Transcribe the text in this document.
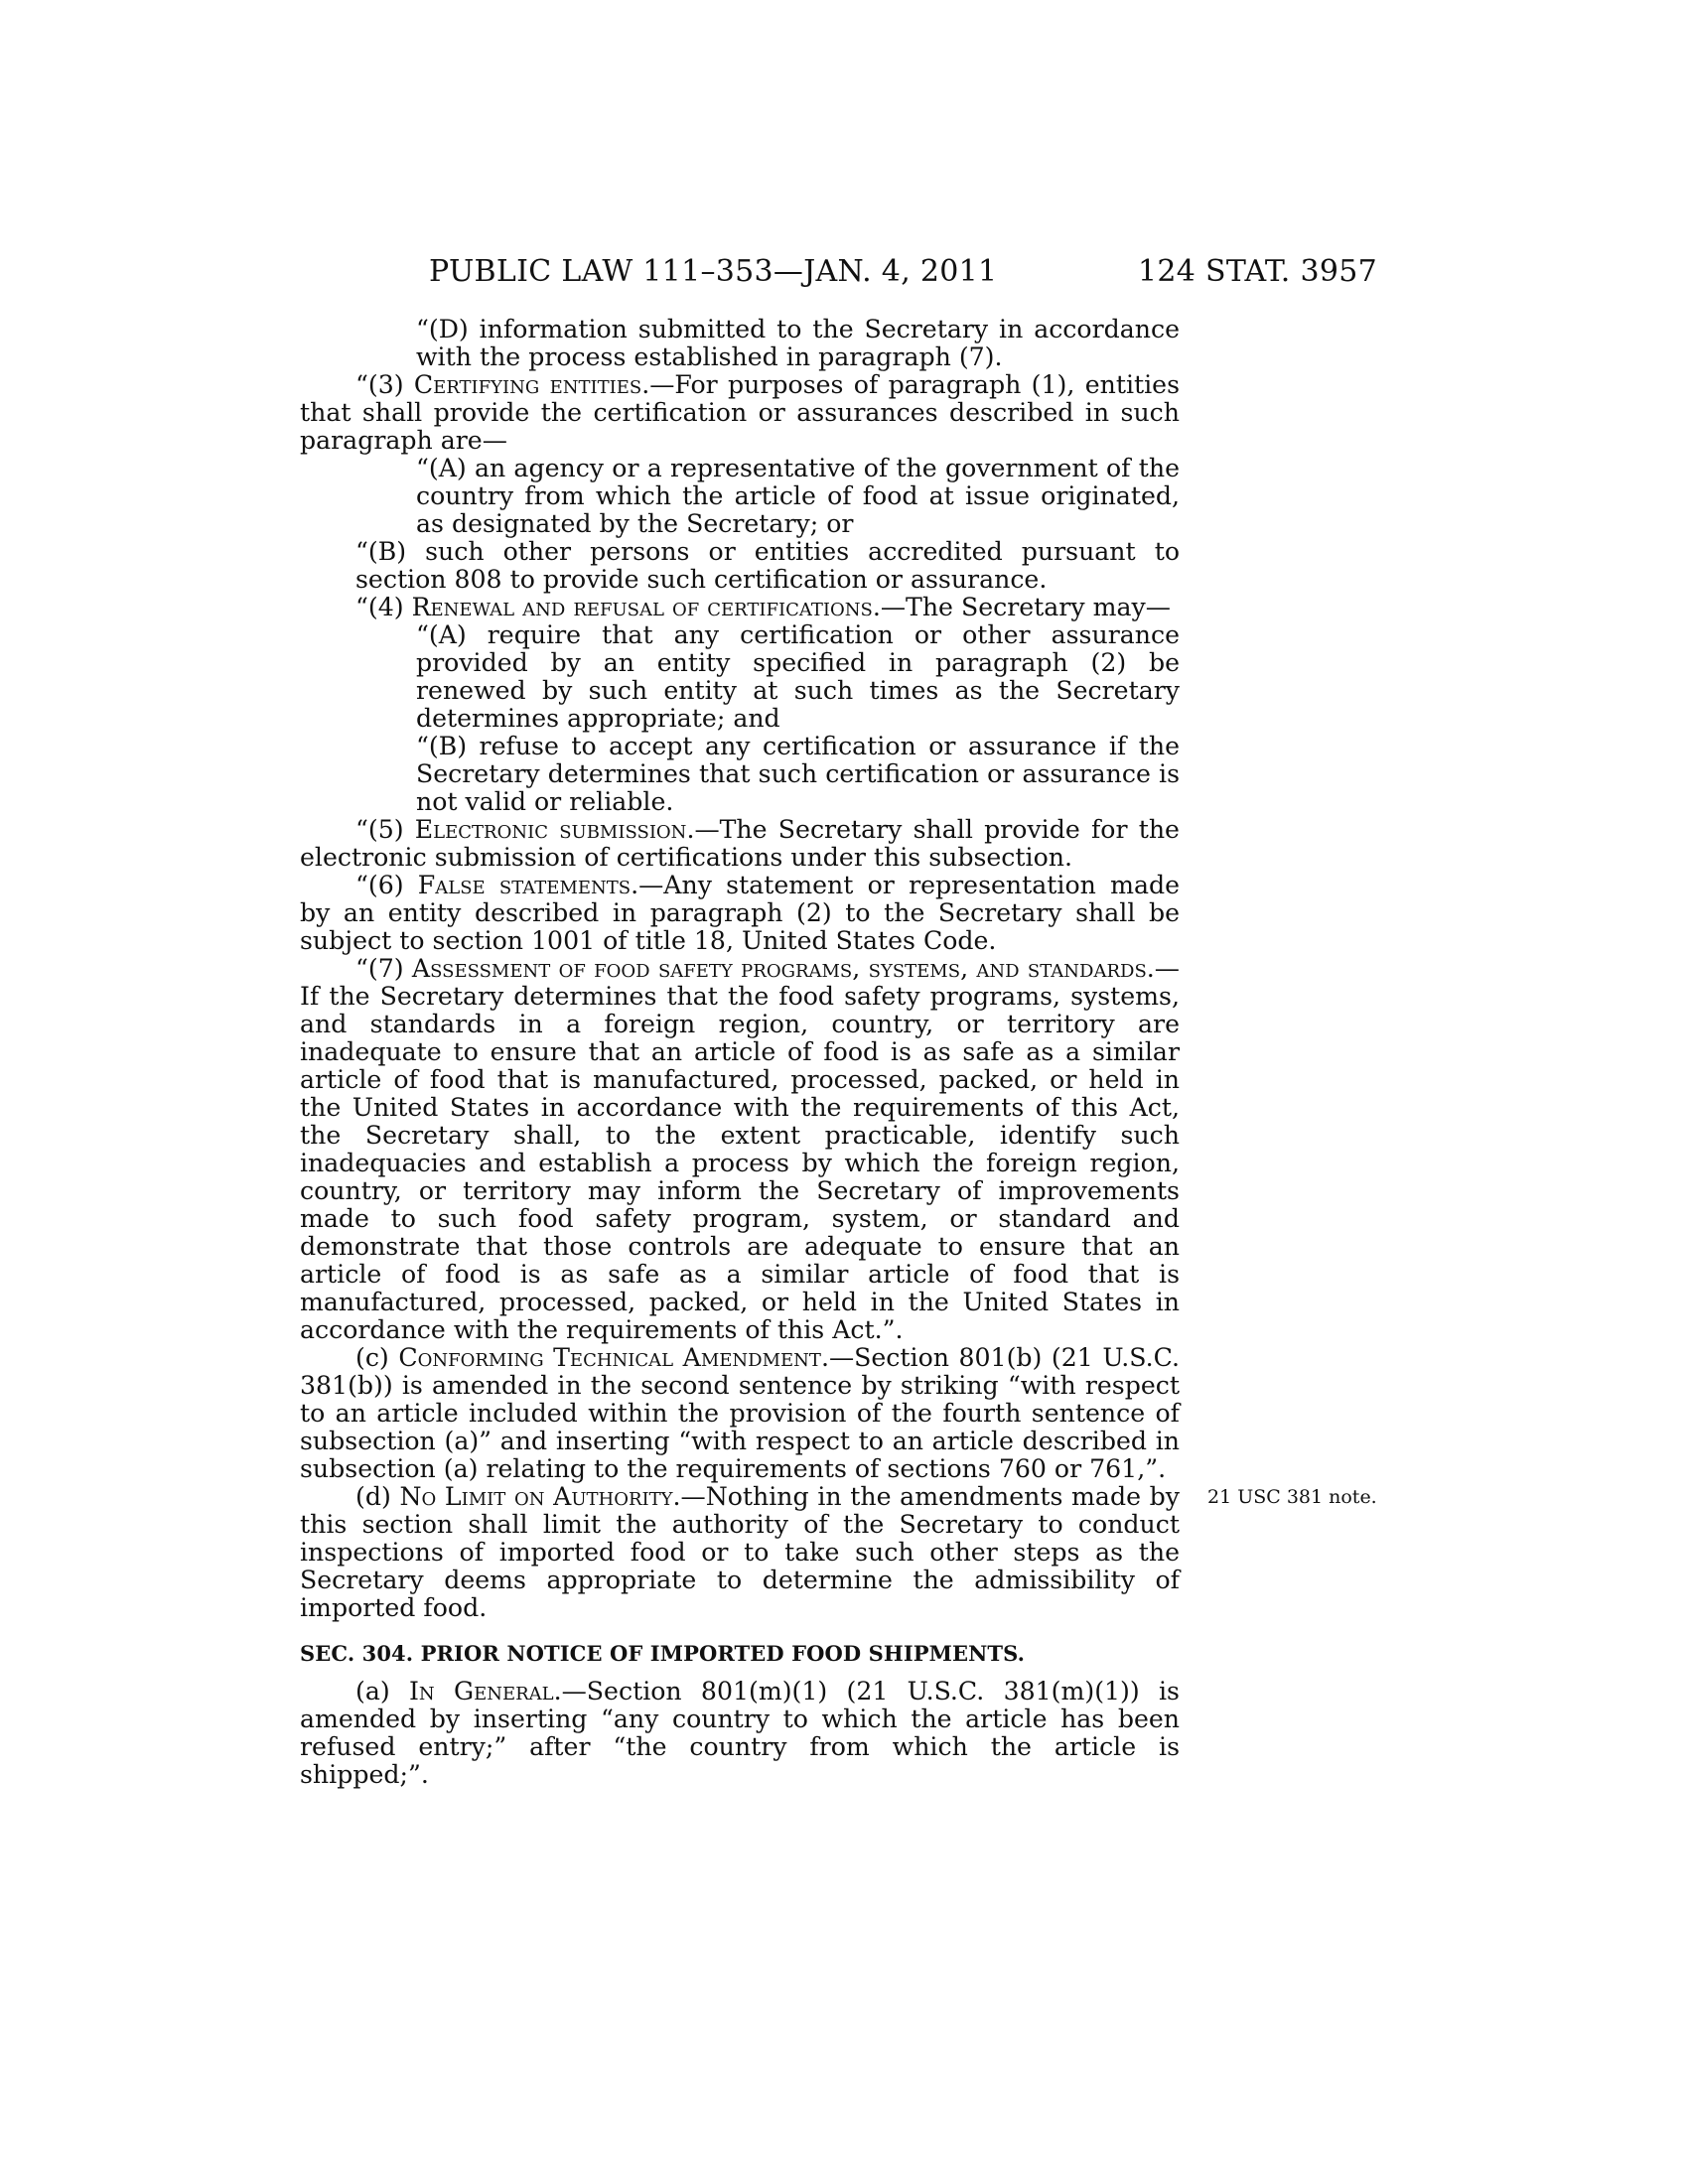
PUBLIC LAW 111–353—JAN. 4, 2011	124 STAT. 3957

“(D) information submitted to the Secretary in accordance with the process established in paragraph (7).

“(3) Certifying entities.—For purposes of paragraph (1), entities that shall provide the certification or assurances described in such paragraph are—

“(A) an agency or a representative of the government of the country from which the article of food at issue originated, as designated by the Secretary; or

“(B) such other persons or entities accredited pursuant to section 808 to provide such certification or assurance.

“(4) Renewal and refusal of certifications.—The Secretary may—

“(A) require that any certification or other assurance provided by an entity specified in paragraph (2) be renewed by such entity at such times as the Secretary determines appropriate; and

“(B) refuse to accept any certification or assurance if the Secretary determines that such certification or assurance is not valid or reliable.

“(5) Electronic submission.—The Secretary shall provide for the electronic submission of certifications under this subsection.

“(6) False statements.—Any statement or representation made by an entity described in paragraph (2) to the Secretary shall be subject to section 1001 of title 18, United States Code.

“(7) Assessment of food safety programs, systems, and standards.—If the Secretary determines that the food safety programs, systems, and standards in a foreign region, country, or territory are inadequate to ensure that an article of food is as safe as a similar article of food that is manufactured, processed, packed, or held in the United States in accordance with the requirements of this Act, the Secretary shall, to the extent practicable, identify such inadequacies and establish a process by which the foreign region, country, or territory may inform the Secretary of improvements made to such food safety program, system, or standard and demonstrate that those controls are adequate to ensure that an article of food is as safe as a similar article of food that is manufactured, processed, packed, or held in the United States in accordance with the requirements of this Act.”.

(c) Conforming Technical Amendment.—Section 801(b) (21 U.S.C. 381(b)) is amended in the second sentence by striking “with respect to an article included within the provision of the fourth sentence of subsection (a)” and inserting “with respect to an article described in subsection (a) relating to the requirements of sections 760 or 761,”.

21 USC 381 note.

(d) No Limit on Authority.—Nothing in the amendments made by this section shall limit the authority of the Secretary to conduct inspections of imported food or to take such other steps as the Secretary deems appropriate to determine the admissibility of imported food.

SEC. 304. PRIOR NOTICE OF IMPORTED FOOD SHIPMENTS.

(a) In General.—Section 801(m)(1) (21 U.S.C. 381(m)(1)) is amended by inserting “any country to which the article has been refused entry;” after “the country from which the article is shipped;”.
